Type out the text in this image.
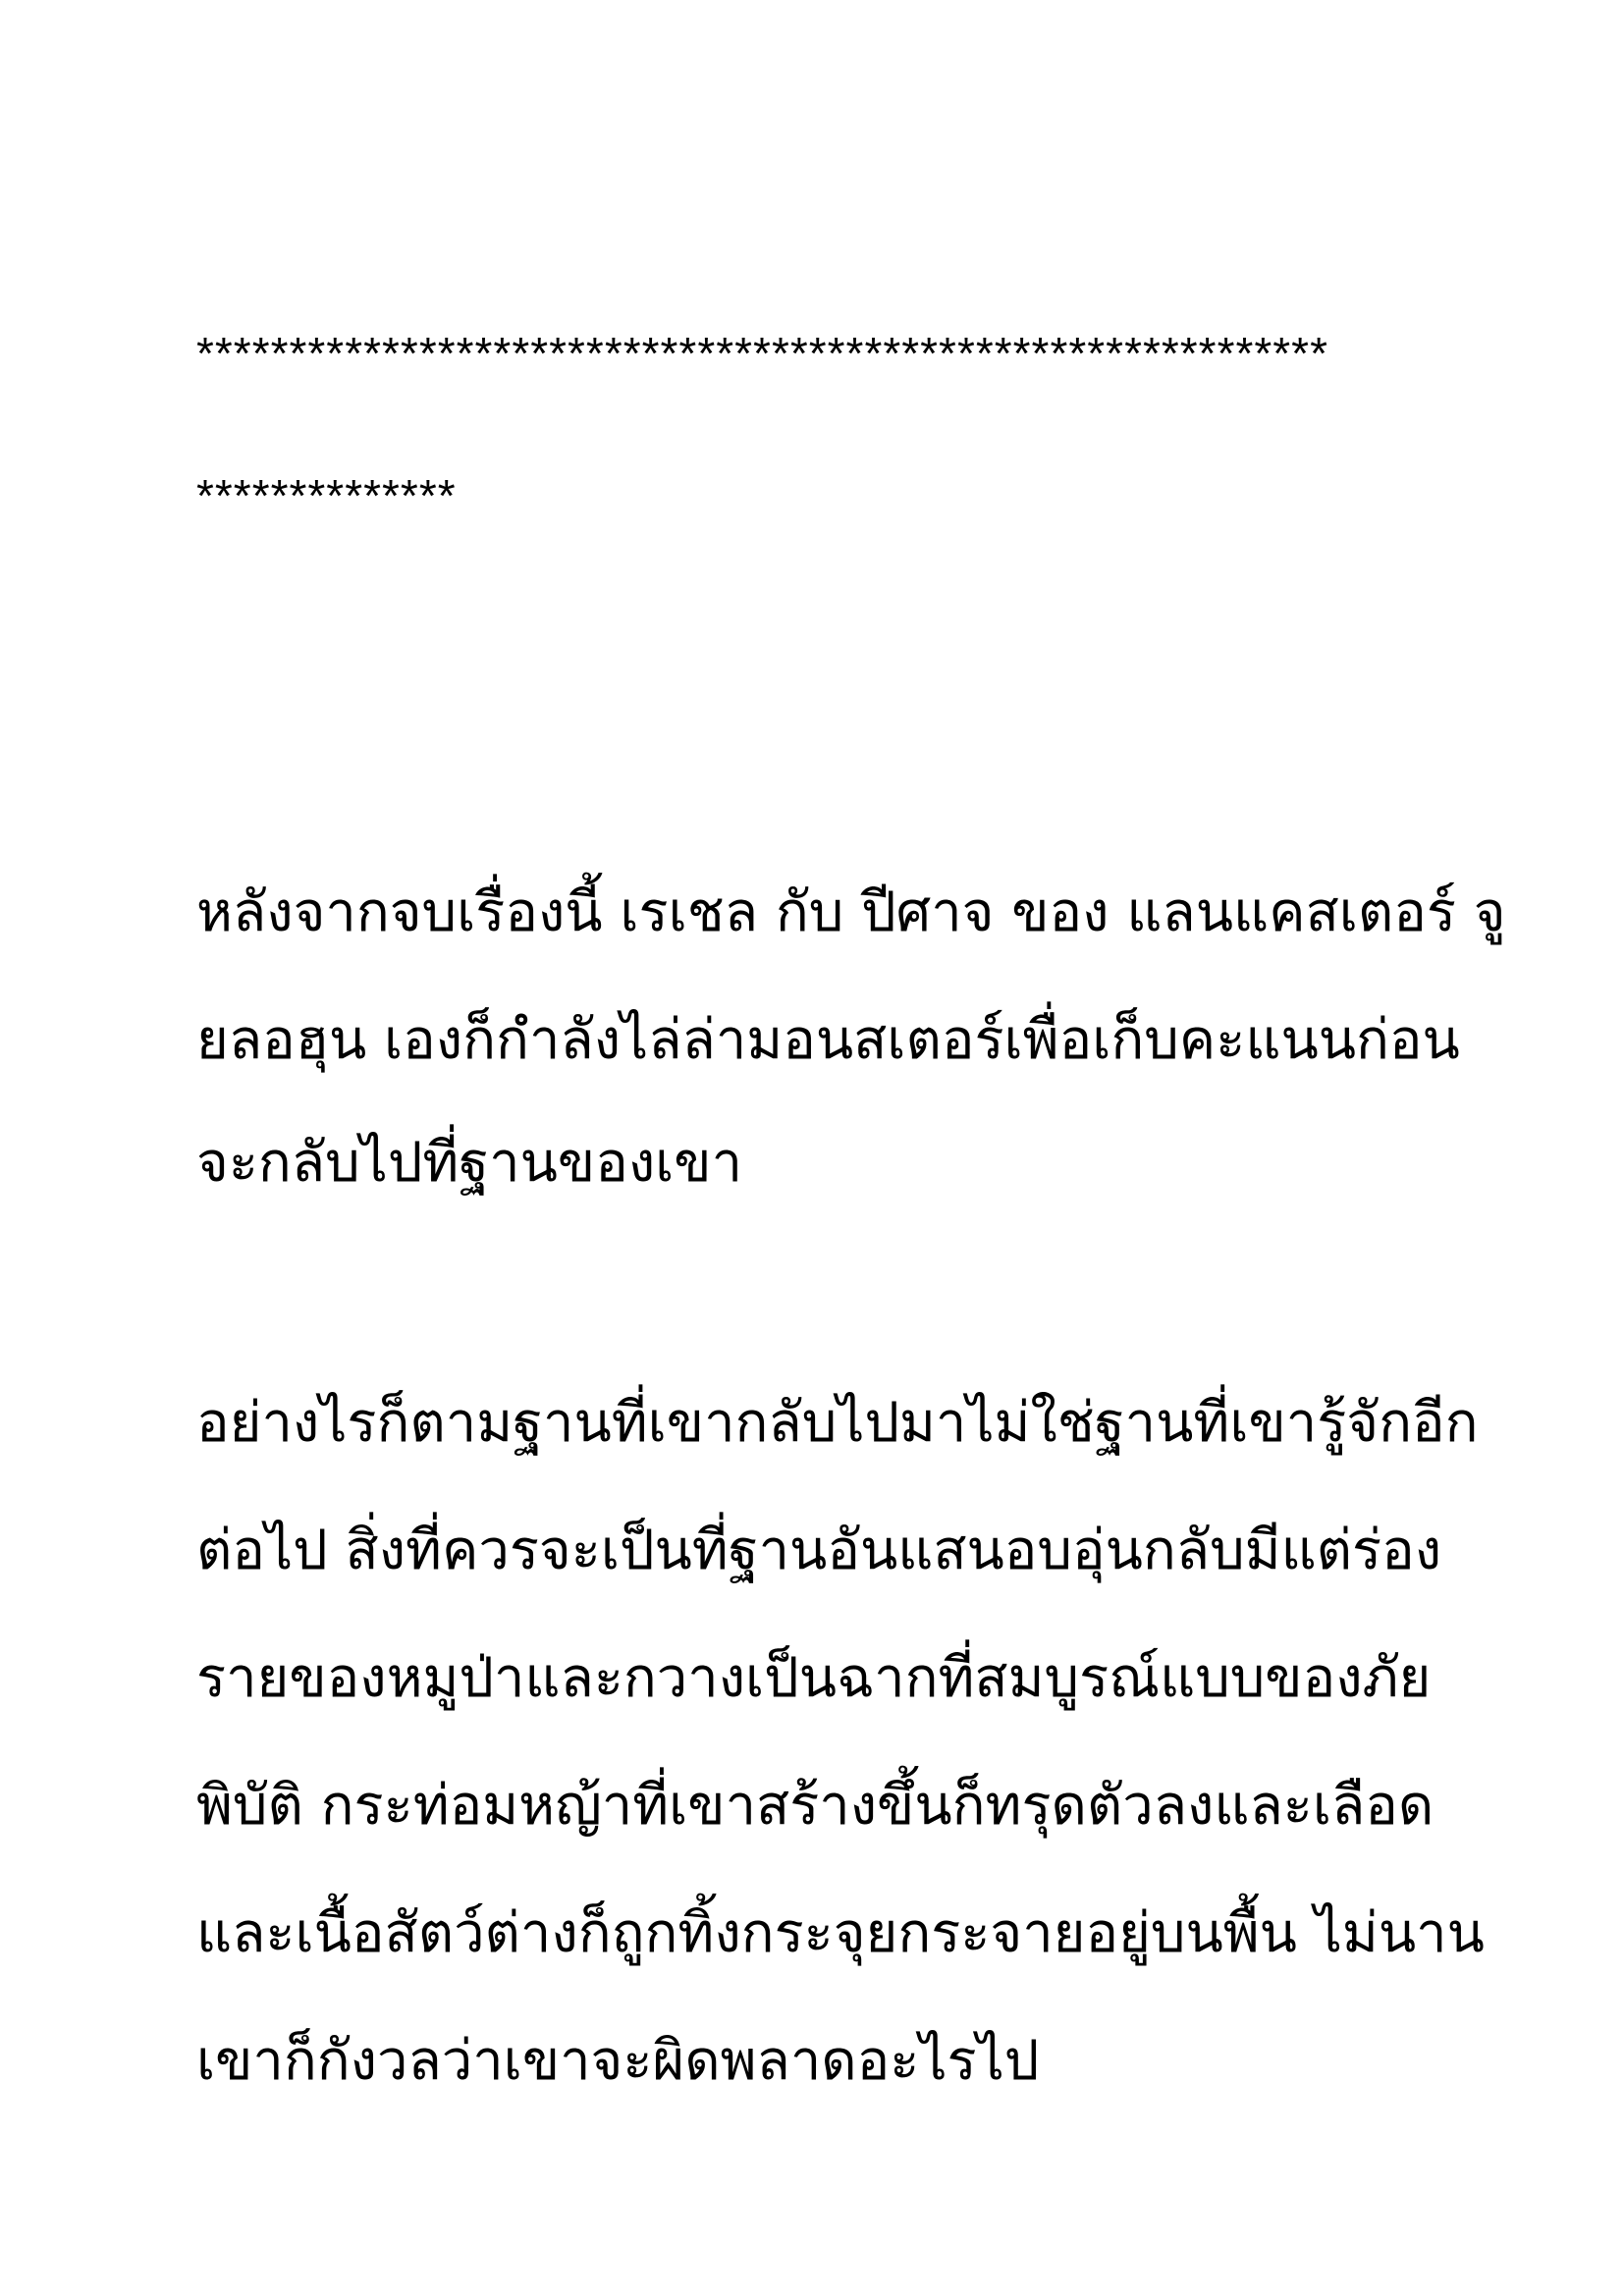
*************************************************************

**************

หลังจากจบเรื่องนี้ เรเชล กับ ปีศาจ ของ แลนแคสเตอร์ จู

ยลอฮุน เองก็กำลังไล่ล่ามอนสเตอร์เพื่อเก็บคะแนนก่อน

จะกลับไปที่ฐานของเขา

อย่างไรก็ตามฐานที่เขากลับไปมาไม่ใช่ฐานที่เขารู้จักอีก

ต่อไป สิ่งที่ควรจะเป็นที่ฐานอันแสนอบอุ่นกลับมีแต่ร่อง

รายของหมูป่าและกวางเป็นฉากที่สมบูรณ์แบบของภัย

พิบัติ กระท่อมหญ้าที่เขาสร้างขึ้นก็ทรุดตัวลงและเลือด

และเนื้อสัตว์ต่างก็ถูกทิ้งกระจุยกระจายอยู่บนพื้น ไม่นาน

เขาก็กังวลว่าเขาจะผิดพลาดอะไรไป
